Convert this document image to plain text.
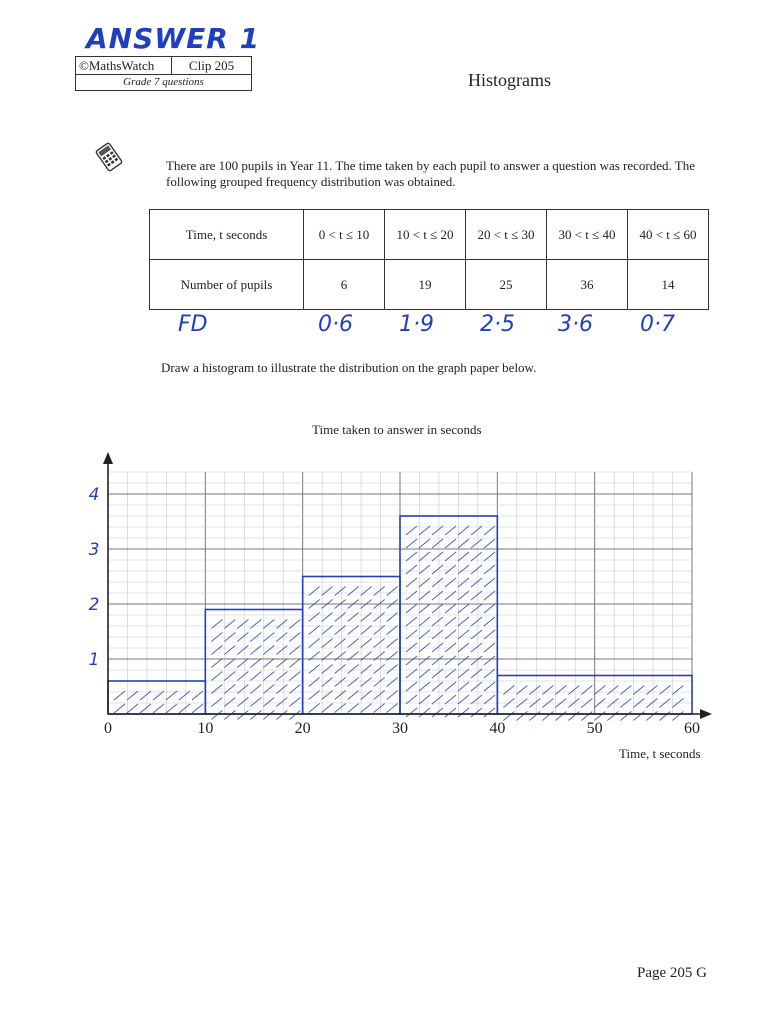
ANSWER 1
©MathsWatch	Clip 205
Grade 7 questions	Histograms
There are 100 pupils in Year 11. The time taken by each pupil to answer a question was recorded. The following grouped frequency distribution was obtained.
Time, t seconds	0 < t ≤ 10	10 < t ≤ 20	20 < t ≤ 30	30 < t ≤ 40	40 < t ≤ 60
Number of pupils	6	19	25	36	14
FD	0·6 1·9 2·5 3·6 0·7
Draw a histogram to illustrate the distribution on the graph paper below.
Time taken to answer in seconds
0	10	20	30	40	50	60
1
2
3
4
Time, t seconds
Page 205 G
